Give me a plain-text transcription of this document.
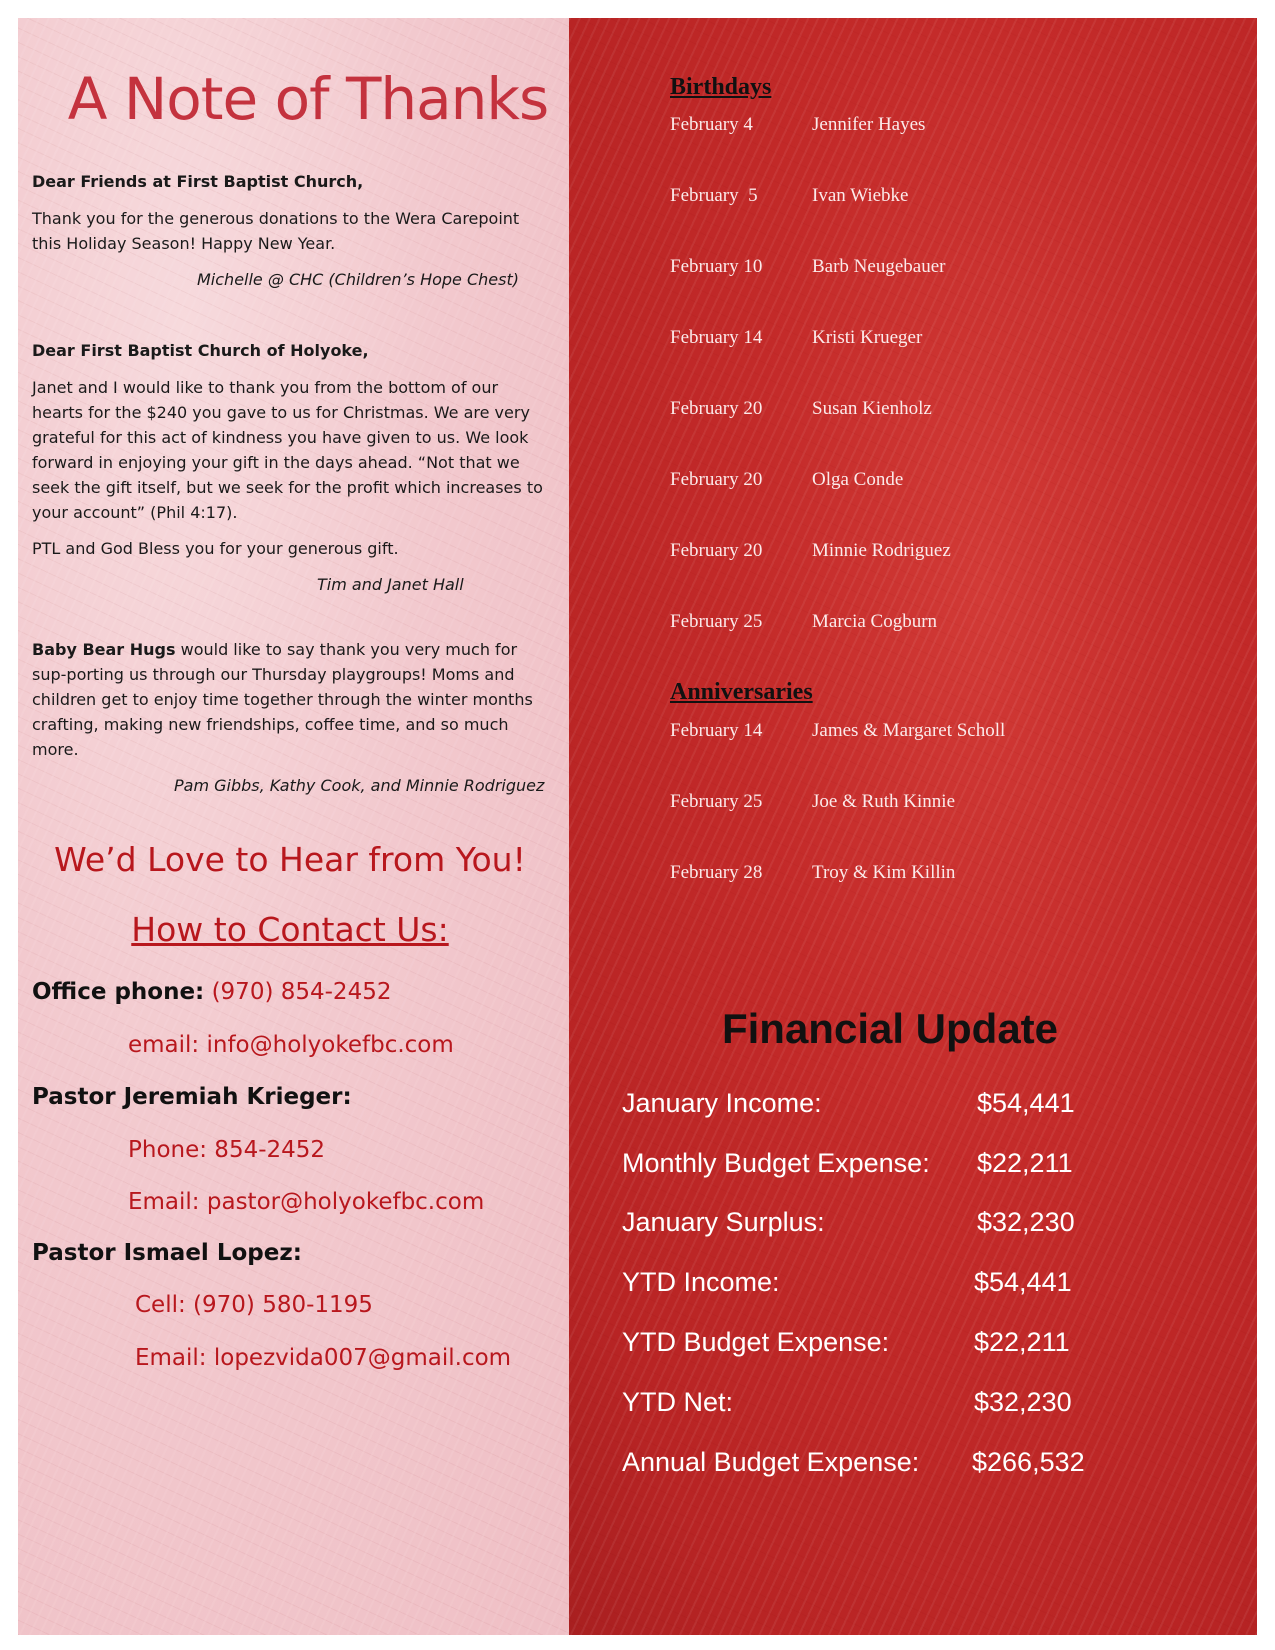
A Note of Thanks

Dear Friends at First Baptist Church,

Thank you for the generous donations to the Wera Carepoint this Holiday Season! Happy New Year.

Michelle @ CHC (Children’s Hope Chest)

Dear First Baptist Church of Holyoke,

Janet and I would like to thank you from the bottom of our hearts for the $240 you gave to us for Christmas. We are very grateful for this act of kindness you have given to us. We look forward in enjoying your gift in the days ahead. “Not that we seek the gift itself, but we seek for the profit which increases to your account” (Phil 4:17).

PTL and God Bless you for your generous gift.

Tim and Janet Hall

Baby Bear Hugs would like to say thank you very much for sup-porting us through our Thursday playgroups! Moms and children get to enjoy time together through the winter months crafting, making new friendships, coffee time, and so much more.

Pam Gibbs, Kathy Cook, and Minnie Rodriguez

We’d Love to Hear from You!
How to Contact Us:
Office phone: (970) 854-2452
email: info@holyokefbc.com
Pastor Jeremiah Krieger:
Phone: 854-2452
Email: pastor@holyokefbc.com
Pastor Ismael Lopez:
Cell: (970) 580-1195
Email: lopezvida007@gmail.com
Birthdays
February 4	Jennifer Hayes
February  5	Ivan Wiebke
February 10	Barb Neugebauer
February 14	Kristi Krueger
February 20	Susan Kienholz
February 20	Olga Conde
February 20	Minnie Rodriguez
February 25	Marcia Cogburn
Anniversaries
February 14	James & Margaret Scholl
February 25	Joe & Ruth Kinnie
February 28	Troy & Kim Killin
Financial Update
January Income:	$54,441
Monthly Budget Expense: $22,211
January Surplus:	$32,230
YTD Income:	$54,441
YTD Budget Expense:	$22,211
YTD Net:	$32,230
Annual Budget Expense: $266,532
